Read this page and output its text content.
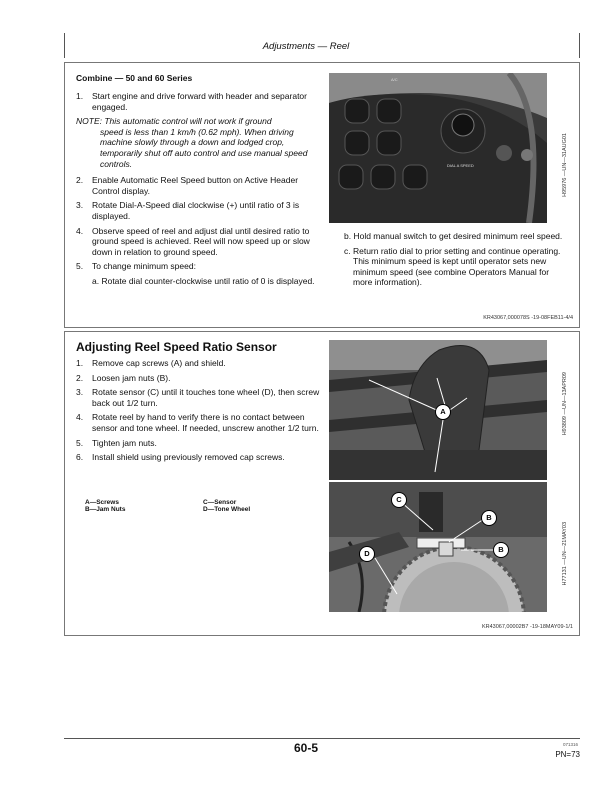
Adjustments — Reel
Combine — 50 and 60 Series
1. Start engine and drive forward with header and separator engaged.
NOTE: This automatic control will not work if ground
speed is less than 1 km/h (0.62 mph). When driving machine slowly through a down and lodged crop, temporarily shut off auto control and use manual speed controls.
2. Enable Automatic Reel Speed button on Active Header Control display.
3. Rotate Dial-A-Speed dial clockwise (+) until ratio of 3 is displayed.
4. Observe speed of reel and adjust dial until desired ratio to ground speed is achieved. Reel will now speed up or slow down in relation to ground speed.
5. To change minimum speed:
a. Rotate dial counter-clockwise until ratio of 0 is displayed.
A/C
DIAL A SPEED	H95976 —UN—31AUG01
b. Hold manual switch to get desired minimum reel speed.
c. Return ratio dial to prior setting and continue operating. This minimum speed is kept until operator sets new minimum speed (see combine Operators Manual for more information).
KR43067,000078S -19-08FEB11-4/4
Adjusting Reel Speed Ratio Sensor
1. Remove cap screws (A) and shield.
2. Loosen jam nuts (B).
3. Rotate sensor (C) until it touches tone wheel (D), then screw back out 1/2 turn.
4. Rotate reel by hand to verify there is no contact between sensor and tone wheel. If needed, unscrew another 1/2 turn.
5. Tighten jam nuts.
6. Install shield using previously removed cap screws.
A—Screws	C—Sensor
B—Jam Nuts	D—Tone Wheel
A	H93809 —UN—13APR09
C
B
B
D	H77131 —UN—21MAY03
KR43067,00002B7 -19-18MAY09-1/1
60-5	071316
PN=73
